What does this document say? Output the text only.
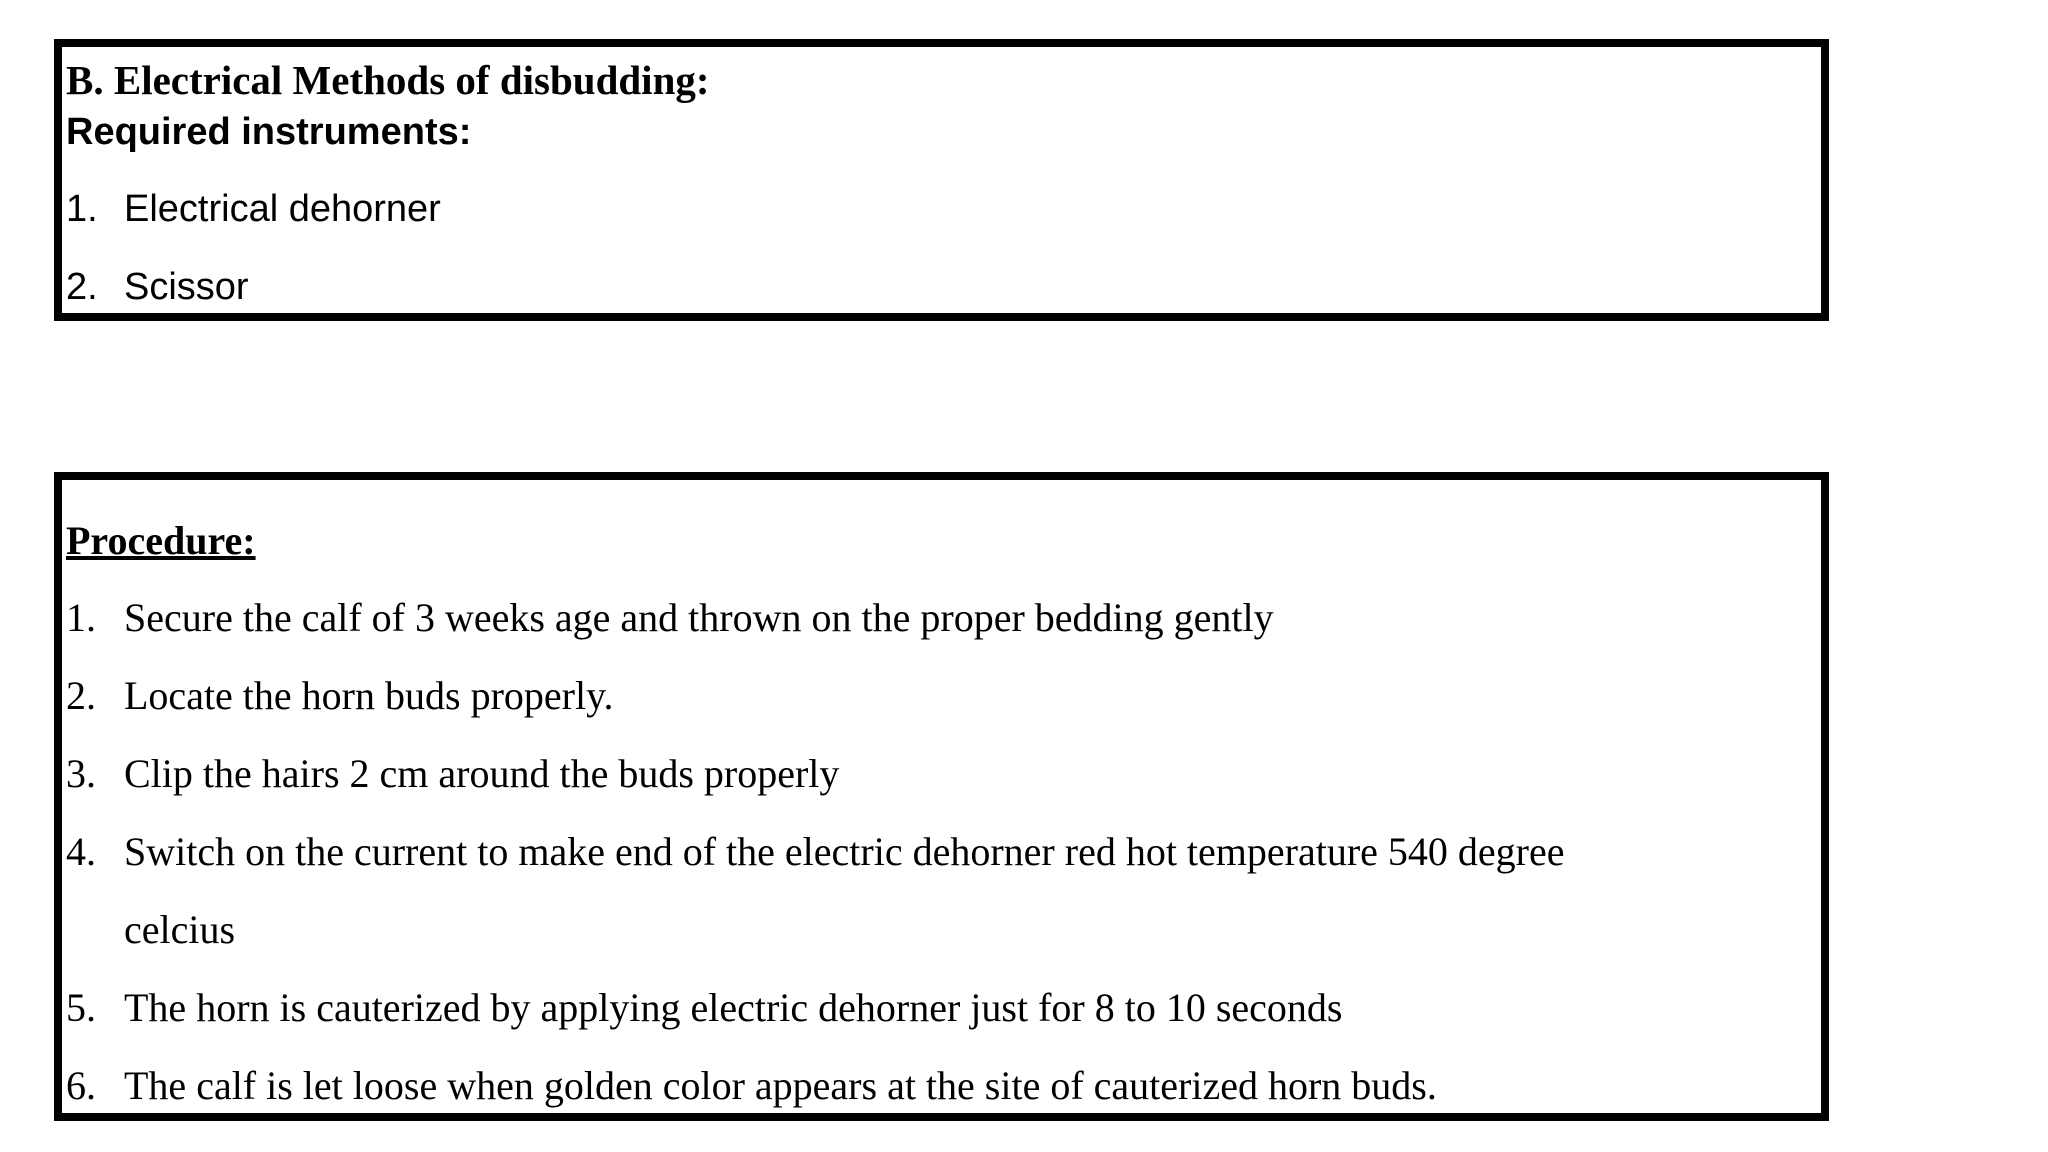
B. Electrical Methods of disbudding:
Required instruments:
1. Electrical dehorner
2. Scissor
Procedure:
1. Secure the calf of 3 weeks age and thrown on the proper bedding gently
2. Locate the horn buds properly.
3. Clip the hairs 2 cm around the buds properly
4. Switch on the current to make end of the electric dehorner red hot temperature 540 degree
celcius
5. The horn is cauterized by applying electric dehorner just for 8 to 10 seconds
6. The calf is let loose when golden color appears at the site of cauterized horn buds.
